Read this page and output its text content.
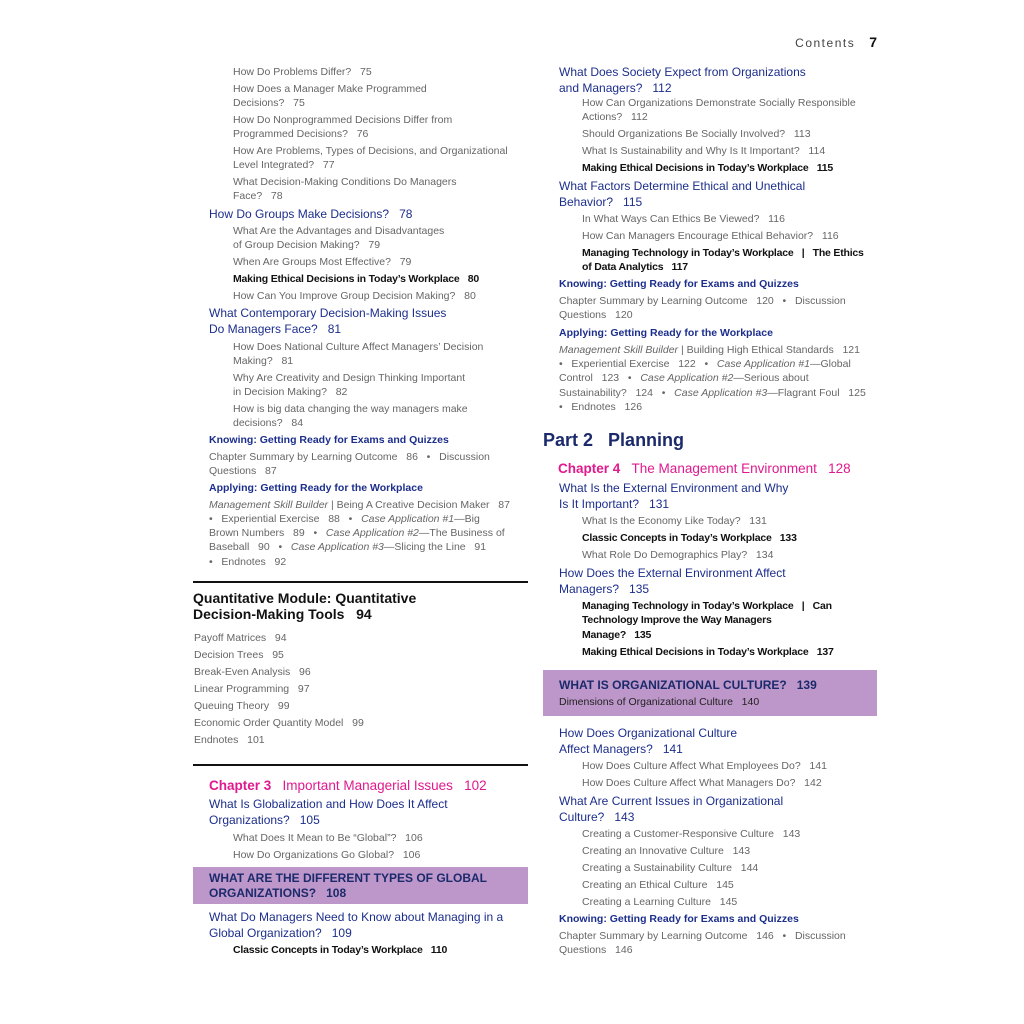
Contents 7
How Do Problems Differ?   75
How Does a Manager Make Programmed
Decisions?   75
How Do Nonprogrammed Decisions Differ from
Programmed Decisions?   76
How Are Problems, Types of Decisions, and Organizational
Level Integrated?   77
What Decision-Making Conditions Do Managers
Face?   78
How Do Groups Make Decisions?   78
What Are the Advantages and Disadvantages
of Group Decision Making?   79
When Are Groups Most Effective?   79
Making Ethical Decisions in Today’s Workplace   80
How Can You Improve Group Decision Making?   80
What Contemporary Decision-Making Issues
Do Managers Face?   81
How Does National Culture Affect Managers’ Decision
Making?   81
Why Are Creativity and Design Thinking Important
in Decision Making?   82
How is big data changing the way managers make
decisions?   84
Knowing: Getting Ready for Exams and Quizzes
Chapter Summary by Learning Outcome   86   •   Discussion
Questions   87
Applying: Getting Ready for the Workplace
Management Skill Builder | Being A Creative Decision Maker   87
•   Experiential Exercise   88   •   Case Application #1—Big
Brown Numbers   89   •   Case Application #2—The Business of
Baseball   90   •   Case Application #3—Slicing the Line   91
•   Endnotes   92
Quantitative Module: Quantitative
Decision-Making Tools   94
Payoff Matrices   94
Decision Trees   95
Break-Even Analysis   96
Linear Programming   97
Queuing Theory   99
Economic Order Quantity Model   99
Endnotes   101
Chapter 3 Important Managerial Issues   102
What Is Globalization and How Does It Affect
Organizations?   105
What Does It Mean to Be “Global”?   106
How Do Organizations Go Global?   106
WHAT ARE THE DIFFERENT TYPES OF GLOBAL
ORGANIZATIONS?   108
What Do Managers Need to Know about Managing in a
Global Organization?   109
Classic Concepts in Today’s Workplace   110
What Does Society Expect from Organizations
and Managers?   112
How Can Organizations Demonstrate Socially Responsible
Actions?   112
Should Organizations Be Socially Involved?   113
What Is Sustainability and Why Is It Important?   114
Making Ethical Decisions in Today’s Workplace   115
What Factors Determine Ethical and Unethical
Behavior?   115
In What Ways Can Ethics Be Viewed?   116
How Can Managers Encourage Ethical Behavior?   116
Managing Technology in Today’s Workplace   |   The Ethics
of Data Analytics   117
Knowing: Getting Ready for Exams and Quizzes
Chapter Summary by Learning Outcome   120   •   Discussion
Questions   120
Applying: Getting Ready for the Workplace
Management Skill Builder | Building High Ethical Standards   121
•   Experiential Exercise   122   •   Case Application #1—Global
Control   123   •   Case Application #2—Serious about
Sustainability?   124   •   Case Application #3—Flagrant Foul   125
•   Endnotes   126
Part 2 Planning
Chapter 4 The Management Environment   128
What Is the External Environment and Why
Is It Important?   131
What Is the Economy Like Today?   131
Classic Concepts in Today’s Workplace   133
What Role Do Demographics Play?   134
How Does the External Environment Affect
Managers?   135
Managing Technology in Today’s Workplace   |   Can
Technology Improve the Way Managers
Manage?   135
Making Ethical Decisions in Today’s Workplace   137
WHAT IS ORGANIZATIONAL CULTURE?   139
Dimensions of Organizational Culture   140
How Does Organizational Culture
Affect Managers?   141
How Does Culture Affect What Employees Do?   141
How Does Culture Affect What Managers Do?   142
What Are Current Issues in Organizational
Culture?   143
Creating a Customer-Responsive Culture   143
Creating an Innovative Culture   143
Creating a Sustainability Culture   144
Creating an Ethical Culture   145
Creating a Learning Culture   145
Knowing: Getting Ready for Exams and Quizzes
Chapter Summary by Learning Outcome   146   •   Discussion
Questions   146
